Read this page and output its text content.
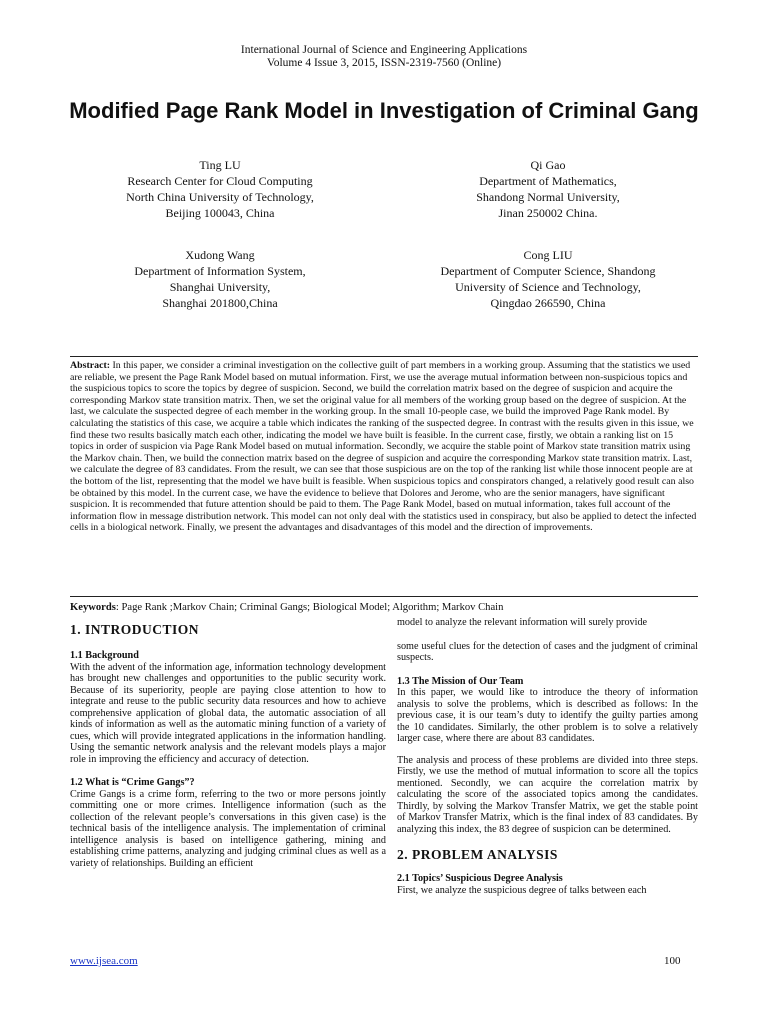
International Journal of Science and Engineering Applications
Volume 4 Issue 3, 2015, ISSN-2319-7560 (Online)
Modified Page Rank Model in Investigation of Criminal Gang
Ting LU
Research Center for Cloud Computing
North China University of Technology,
Beijing 100043, China
Qi Gao
Department of Mathematics,
Shandong Normal University,
Jinan 250002 China.
Xudong Wang
Department of Information System,
Shanghai University,
Shanghai 201800,China
Cong LIU
Department of Computer Science, Shandong
University of Science and Technology,
Qingdao 266590, China
Abstract: In this paper, we consider a criminal investigation on the collective guilt of part members in a working group. Assuming that the statistics we used are reliable, we present the Page Rank Model based on mutual information. First, we use the average mutual information between non-suspicious topics and the suspicious topics to score the topics by degree of suspicion. Second, we build the correlation matrix based on the degree of suspicion and acquire the corresponding Markov state transition matrix. Then, we set the original value for all members of the working group based on the degree of suspicion. At the last, we calculate the suspected degree of each member in the working group. In the small 10-people case, we build the improved Page Rank model. By calculating the statistics of this case, we acquire a table which indicates the ranking of the suspected degree. In contrast with the results given in this issue, we find these two results basically match each other, indicating the model we have built is feasible. In the current case, firstly, we obtain a ranking list on 15 topics in order of suspicion via Page Rank Model based on mutual information. Secondly, we acquire the stable point of Markov state transition matrix using the Markov chain. Then, we build the connection matrix based on the degree of suspicion and acquire the corresponding Markov state transition matrix. Last, we calculate the degree of 83 candidates. From the result, we can see that those suspicious are on the top of the ranking list while those innocent people are at the bottom of the list, representing that the model we have built is feasible. When suspicious topics and conspirators changed, a relatively good result can also be obtained by this model. In the current case, we have the evidence to believe that Dolores and Jerome, who are the senior managers, have significant suspicion. It is recommended that future attention should be paid to them. The Page Rank Model, based on mutual information, takes full account of the information flow in message distribution network. This model can not only deal with the statistics used in conspiracy, but also be applied to detect the infected cells in a biological network. Finally, we present the advantages and disadvantages of this model and the direction of improvements.
Keywords: Page Rank ;Markov Chain; Criminal Gangs; Biological Model; Algorithm; Markov Chain
1. INTRODUCTION

1.1 Background

With the advent of the information age, information technology development has brought new challenges and opportunities to the public security work. Because of its superiority, people are paying close attention to how to integrate and reuse to the public security data resources and how to achieve comprehensive application of global data, the automatic association of all kinds of information as well as the automatic mining function of a variety of cues, which will provide integrated applications in the information handling. Using the semantic network analysis and the relevant models plays a major role in improving the efficiency and accuracy of detection.

1.2 What is “Crime Gangs”?

Crime Gangs is a crime form, referring to the two or more persons jointly committing one or more crimes. Intelligence information (such as the collection of the relevant people’s conversations in this given case) is the technical basis of the intelligence analysis. The implementation of criminal intelligence analysis is based on intelligence gathering, mining and establishing crime patterns, analyzing and judging criminal clues as well as a variety of relationships. Building an efficient

model to analyze the relevant information will surely provide

some useful clues for the detection of cases and the judgment of criminal suspects.

1.3 The Mission of Our Team

In this paper, we would like to introduce the theory of information analysis to solve the problems, which is described as follows: In the previous case, it is our team’s duty to identify the guilty parties among the 10 candidates. Similarly, the other problem is to solve a relatively larger case, where there are about 83 candidates.

The analysis and process of these problems are divided into three steps. Firstly, we use the method of mutual information to score all the topics mentioned. Secondly, we can acquire the correlation matrix by calculating the score of the associated topics among the candidates. Thirdly, by solving the Markov Transfer Matrix, we get the stable point of Markov Transfer Matrix, which is the final index of 83 candidates. By analyzing this index, the 83 degree of suspicion can be determined.

2. PROBLEM ANALYSIS

2.1 Topics’ Suspicious Degree Analysis

First, we analyze the suspicious degree of talks between each

www.ijsea.com	100
